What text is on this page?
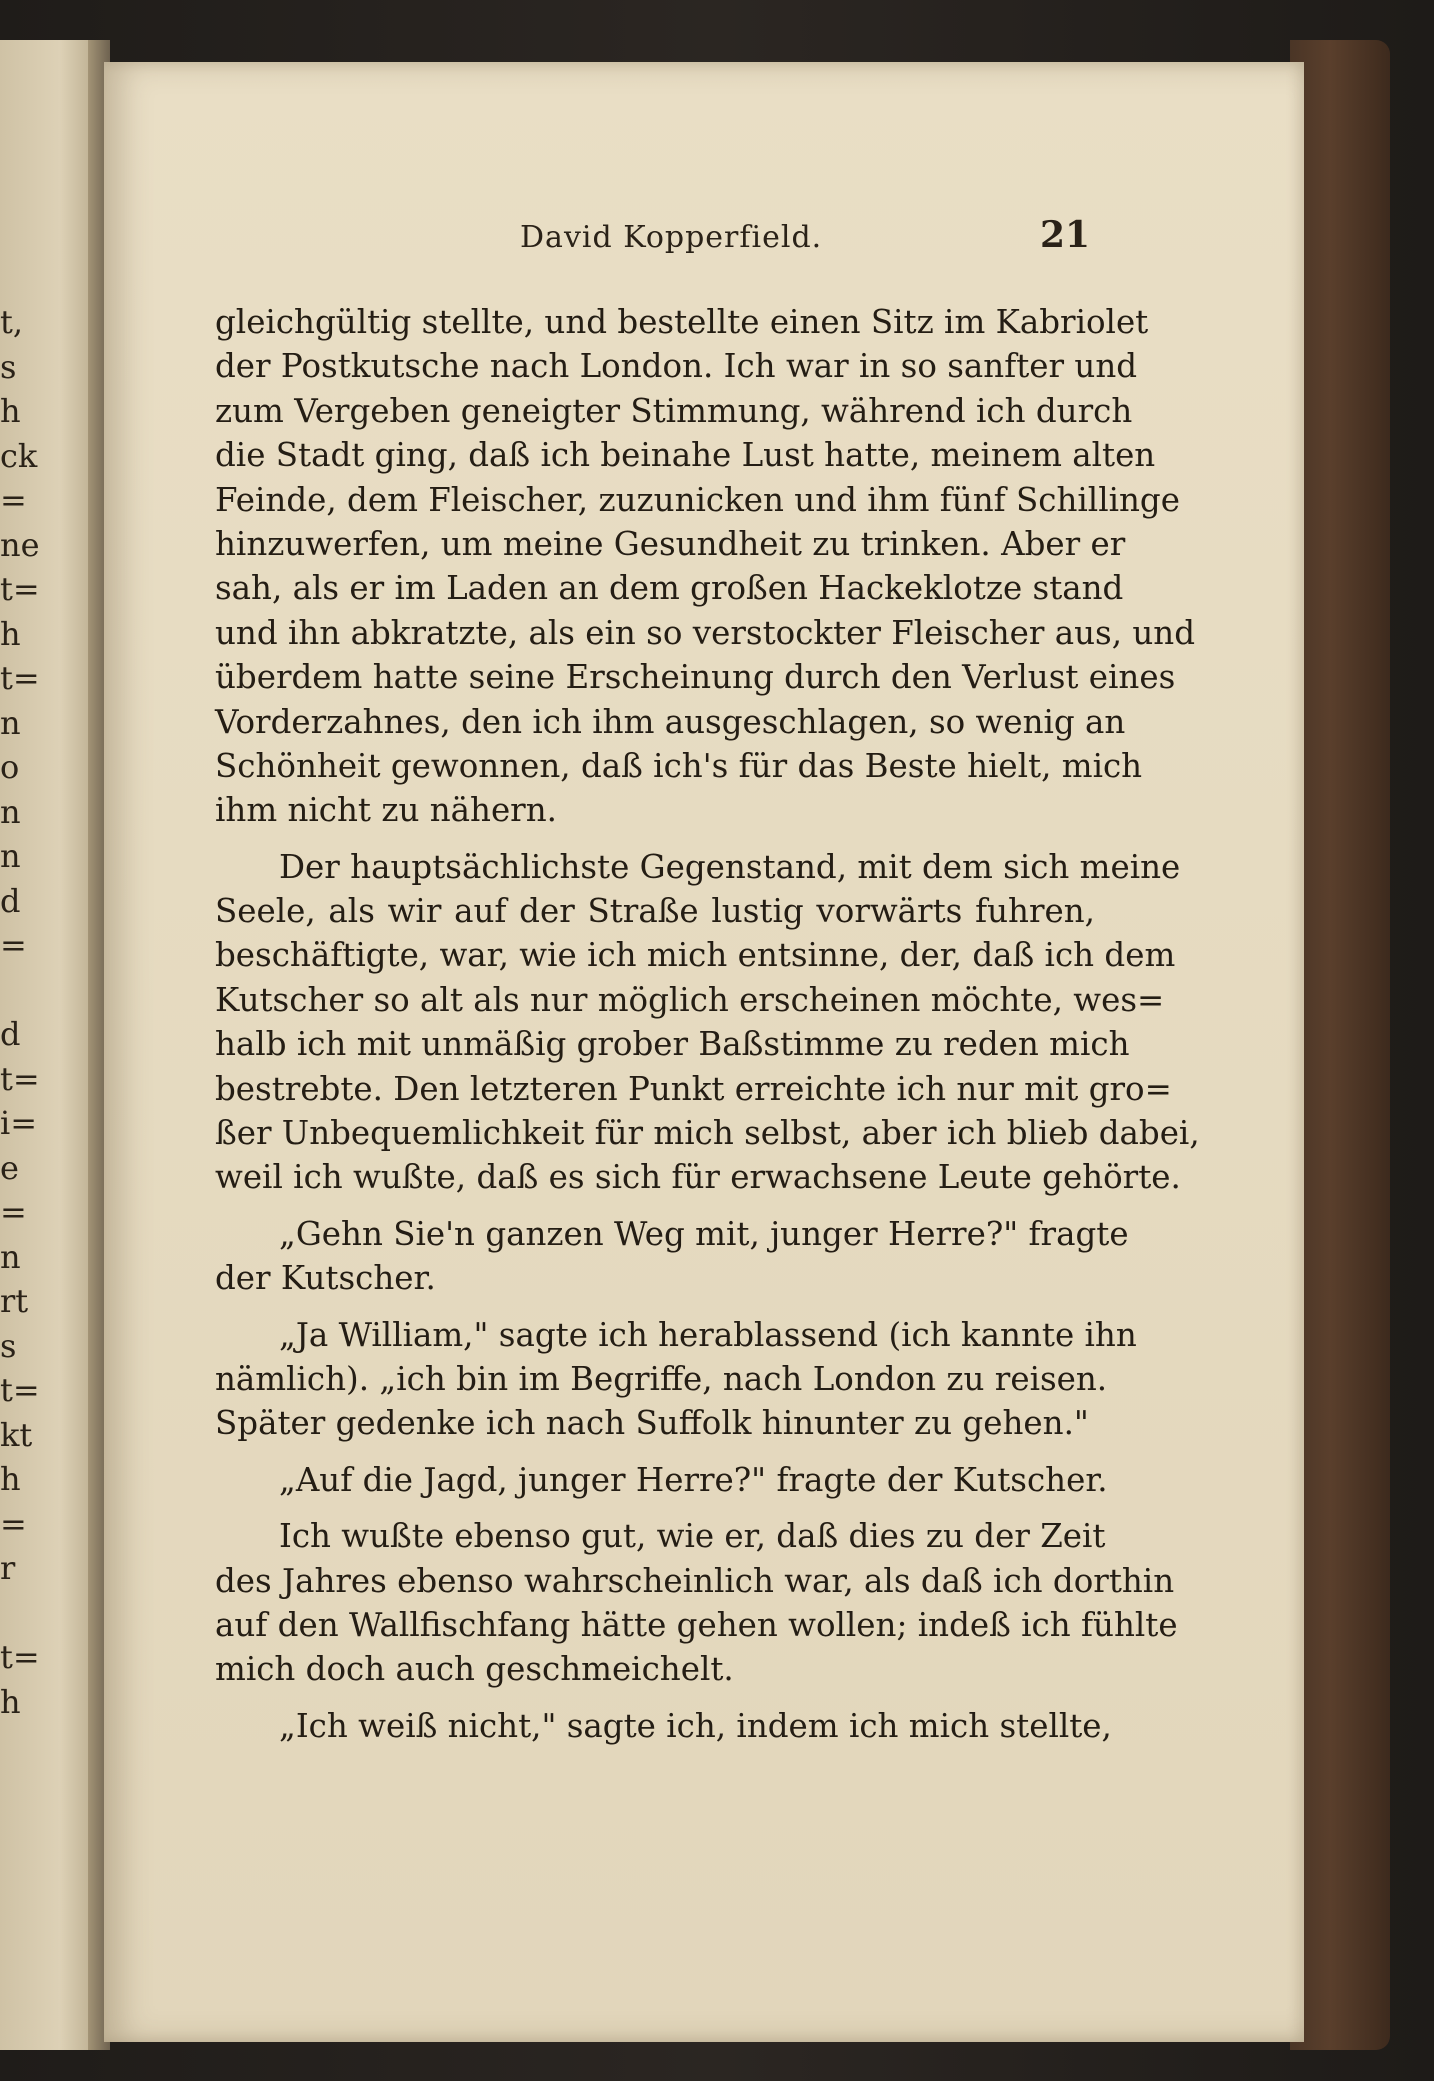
t,
s
h
ck
=
ne
t=
h
t=
n
o
n
n
d
=
d
t=
i=
e
=
n
rt
s
t=
kt
h
=
r
t=
h
David Kopperfield.	21
gleichgültig stellte, und bestellte einen Sitz im Kabriolet
der Postkutsche nach London. Ich war in so sanfter und
zum Vergeben geneigter Stimmung, während ich durch
die Stadt ging, daß ich beinahe Lust hatte, meinem alten
Feinde, dem Fleischer, zuzunicken und ihm fünf Schillinge
hinzuwerfen, um meine Gesundheit zu trinken. Aber er
sah, als er im Laden an dem großen Hackeklotze stand
und ihn abkratzte, als ein so verstockter Fleischer aus, und
überdem hatte seine Erscheinung durch den Verlust eines
Vorderzahnes, den ich ihm ausgeschlagen, so wenig an
Schönheit gewonnen, daß ich's für das Beste hielt, mich
ihm nicht zu nähern.
Der hauptsächlichste Gegenstand, mit dem sich meine
Seele, als wir auf der Straße lustig vorwärts fuhren,
beschäftigte, war, wie ich mich entsinne, der, daß ich dem
Kutscher so alt als nur möglich erscheinen möchte, wes=
halb ich mit unmäßig grober Baßstimme zu reden mich
bestrebte. Den letzteren Punkt erreichte ich nur mit gro=
ßer Unbequemlichkeit für mich selbst, aber ich blieb dabei,
weil ich wußte, daß es sich für erwachsene Leute gehörte.
„Gehn Sie'n ganzen Weg mit, junger Herre?" fragte
der Kutscher.
„Ja William," sagte ich herablassend (ich kannte ihn
nämlich). „ich bin im Begriffe, nach London zu reisen.
Später gedenke ich nach Suffolk hinunter zu gehen."
„Auf die Jagd, junger Herre?" fragte der Kutscher.
Ich wußte ebenso gut, wie er, daß dies zu der Zeit
des Jahres ebenso wahrscheinlich war, als daß ich dorthin
auf den Wallfischfang hätte gehen wollen; indeß ich fühlte
mich doch auch geschmeichelt.
„Ich weiß nicht," sagte ich, indem ich mich stellte,
